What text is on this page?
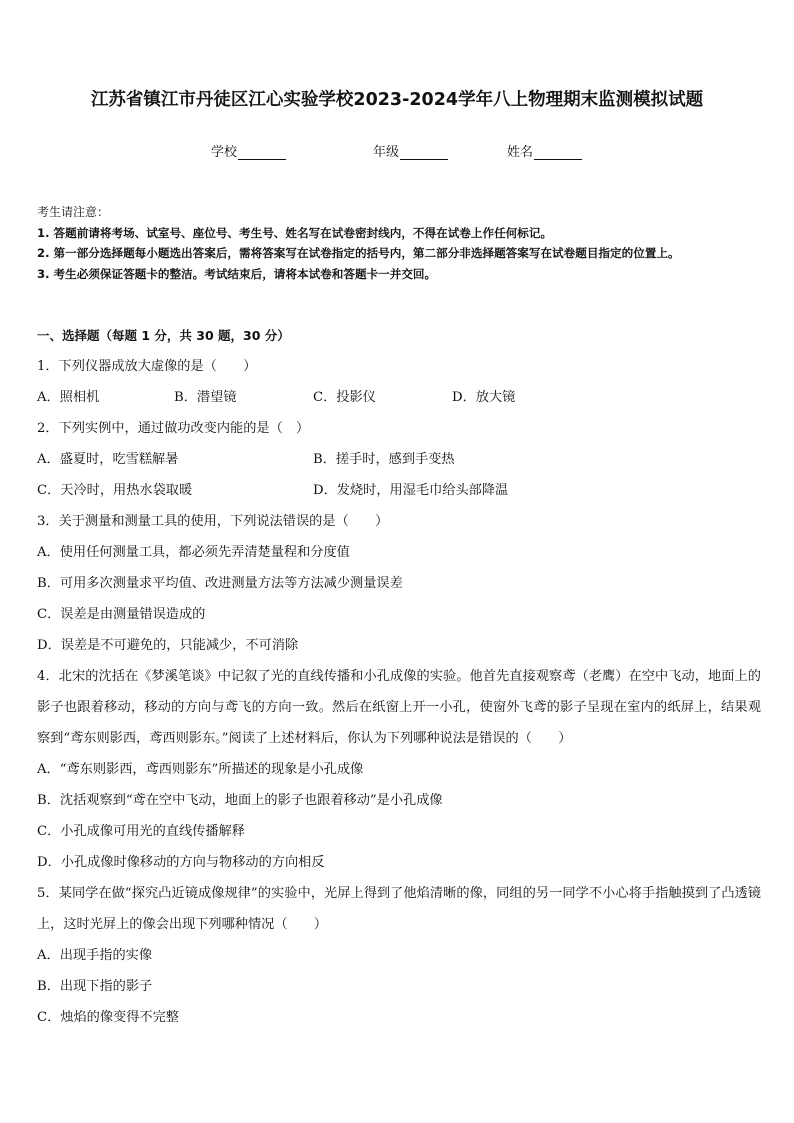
江苏省镇江市丹徒区江心实验学校2023-2024学年八上物理期末监测模拟试题
学校	年级	姓名
考生请注意：
1. 答题前请将考场、试室号、座位号、考生号、姓名写在试卷密封线内，不得在试卷上作任何标记。
2. 第一部分选择题每小题选出答案后，需将答案写在试卷指定的括号内，第二部分非选择题答案写在试卷题目指定的位置上。
3. 考生必须保证答题卡的整洁。考试结束后，请将本试卷和答题卡一并交回。
一、选择题（每题 1 分，共 30 题，30 分）
1．下列仪器成放大虚像的是（　　）
A．照相机	B．潜望镜	C．投影仪	D．放大镜
2．下列实例中，通过做功改变内能的是（　）
A．盛夏时，吃雪糕解暑	B．搓手时，感到手变热
C．天冷时，用热水袋取暖	D．发烧时，用湿毛巾给头部降温
3．关于测量和测量工具的使用，下列说法错误的是（　　）
A．使用任何测量工具，都必须先弄清楚量程和分度值
B．可用多次测量求平均值、改进测量方法等方法减少测量误差
C．误差是由测量错误造成的
D．误差是不可避免的，只能减少，不可消除
4．北宋的沈括在《梦溪笔谈》中记叙了光的直线传播和小孔成像的实验。他首先直接观察鸢（老鹰）在空中飞动，地面上的影子也跟着移动，移动的方向与鸢飞的方向一致。然后在纸窗上开一小孔，使窗外飞鸢的影子呈现在室内的纸屏上，结果观察到“鸢东则影西，鸢西则影东。”阅读了上述材料后，你认为下列哪种说法是错误的（　　）
A．“鸢东则影西，鸢西则影东”所描述的现象是小孔成像
B．沈括观察到“鸢在空中飞动，地面上的影子也跟着移动”是小孔成像
C．小孔成像可用光的直线传播解释
D．小孔成像时像移动的方向与物移动的方向相反
5．某同学在做“探究凸近镜成像规律”的实验中，光屏上得到了他焰清晰的像，同组的另一同学不小心将手指触摸到了凸透镜上，这时光屏上的像会出现下列哪种情况（　　）
A．出现手指的实像
B．出现下指的影子
C．烛焰的像变得不完整
